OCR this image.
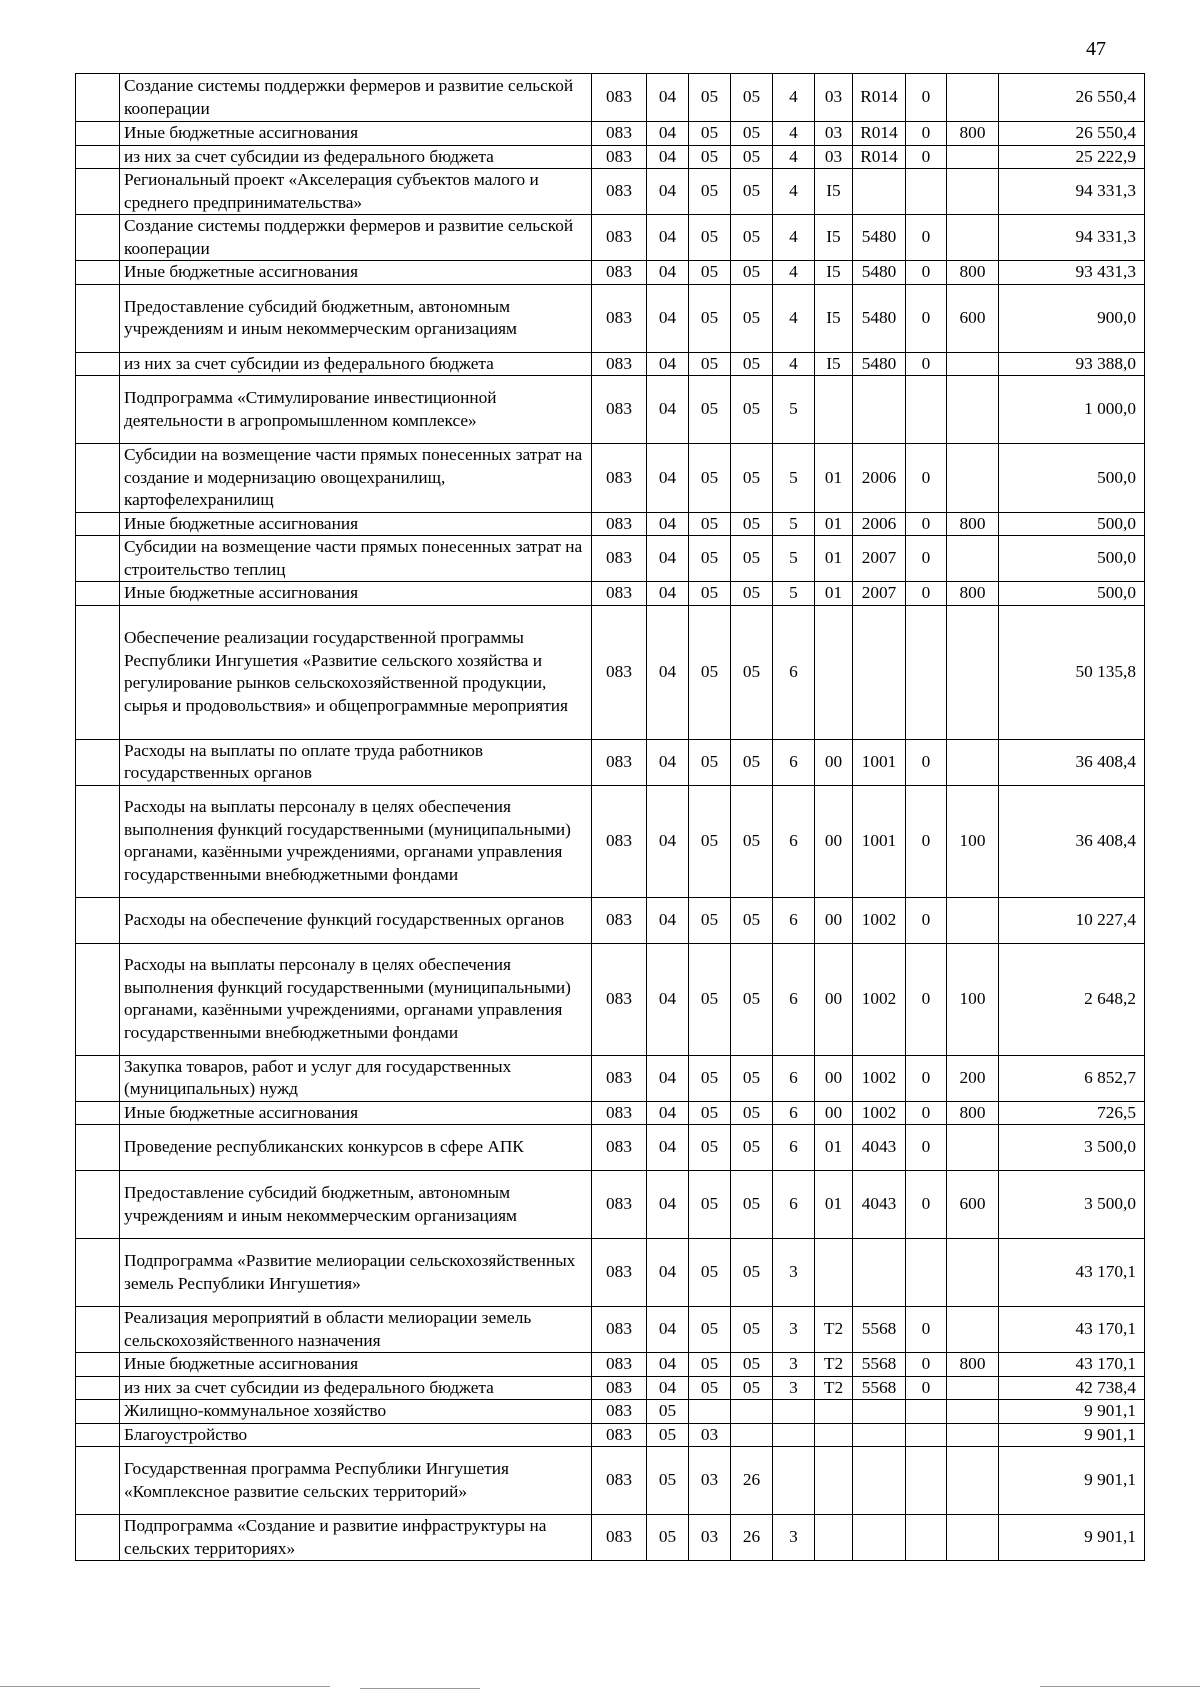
47
	Создание системы поддержки фермеров и развитие сельской кооперации	083	04	05	05	4	03	R014	0		26 550,4
	Иные бюджетные ассигнования	083	04	05	05	4	03	R014	0	800	26 550,4
	из них за счет субсидии из федерального бюджета	083	04	05	05	4	03	R014	0		25 222,9
	Региональный проект «Акселерация субъектов малого и среднего предпринимательства»	083	04	05	05	4	I5				94 331,3
	Создание системы поддержки фермеров и развитие сельской кооперации	083	04	05	05	4	I5	5480	0		94 331,3
	Иные бюджетные ассигнования	083	04	05	05	4	I5	5480	0	800	93 431,3
	Предоставление субсидий бюджетным, автономным учреждениям и иным некоммерческим организациям	083	04	05	05	4	I5	5480	0	600	900,0
	из них за счет субсидии из федерального бюджета	083	04	05	05	4	I5	5480	0		93 388,0
	Подпрограмма «Стимулирование инвестиционной деятельности в агропромышленном комплексе»	083	04	05	05	5					1 000,0
	Субсидии на возмещение части прямых понесенных затрат на создание и модернизацию овощехранилищ, картофелехранилищ	083	04	05	05	5	01	2006	0		500,0
	Иные бюджетные ассигнования	083	04	05	05	5	01	2006	0	800	500,0
	Субсидии на возмещение части прямых понесенных затрат на строительство теплиц	083	04	05	05	5	01	2007	0		500,0
	Иные бюджетные ассигнования	083	04	05	05	5	01	2007	0	800	500,0
	Обеспечение реализации государственной программы Республики Ингушетия «Развитие сельского хозяйства и регулирование рынков сельскохозяйственной продукции, сырья и продовольствия» и общепрограммные мероприятия	083	04	05	05	6					50 135,8
	Расходы на выплаты по оплате труда работников государственных органов	083	04	05	05	6	00	1001	0		36 408,4
	Расходы на выплаты персоналу в целях обеспечения выполнения функций государственными (муниципальными) органами, казёнными учреждениями, органами управления государственными внебюджетными фондами	083	04	05	05	6	00	1001	0	100	36 408,4
	Расходы на обеспечение функций государственных органов	083	04	05	05	6	00	1002	0		10 227,4
	Расходы на выплаты персоналу в целях обеспечения выполнения функций государственными (муниципальными) органами, казёнными учреждениями, органами управления государственными внебюджетными фондами	083	04	05	05	6	00	1002	0	100	2 648,2
	Закупка товаров, работ и услуг для государственных (муниципальных) нужд	083	04	05	05	6	00	1002	0	200	6 852,7
	Иные бюджетные ассигнования	083	04	05	05	6	00	1002	0	800	726,5
	Проведение республиканских конкурсов в сфере АПК	083	04	05	05	6	01	4043	0		3 500,0
	Предоставление субсидий бюджетным, автономным учреждениям и иным некоммерческим организациям	083	04	05	05	6	01	4043	0	600	3 500,0
	Подпрограмма «Развитие мелиорации сельскохозяйственных земель Республики Ингушетия»	083	04	05	05	3					43 170,1
	Реализация мероприятий в области мелиорации земель сельскохозяйственного назначения	083	04	05	05	3	T2	5568	0		43 170,1
	Иные бюджетные ассигнования	083	04	05	05	3	T2	5568	0	800	43 170,1
	из них за счет субсидии из федерального бюджета	083	04	05	05	3	T2	5568	0		42 738,4
	Жилищно-коммунальное хозяйство	083	05								9 901,1
	Благоустройство	083	05	03							9 901,1
	Государственная программа Республики Ингушетия «Комплексное развитие сельских территорий»	083	05	03	26						9 901,1
	Подпрограмма «Создание и развитие инфраструктуры на сельских территориях»	083	05	03	26	3					9 901,1
